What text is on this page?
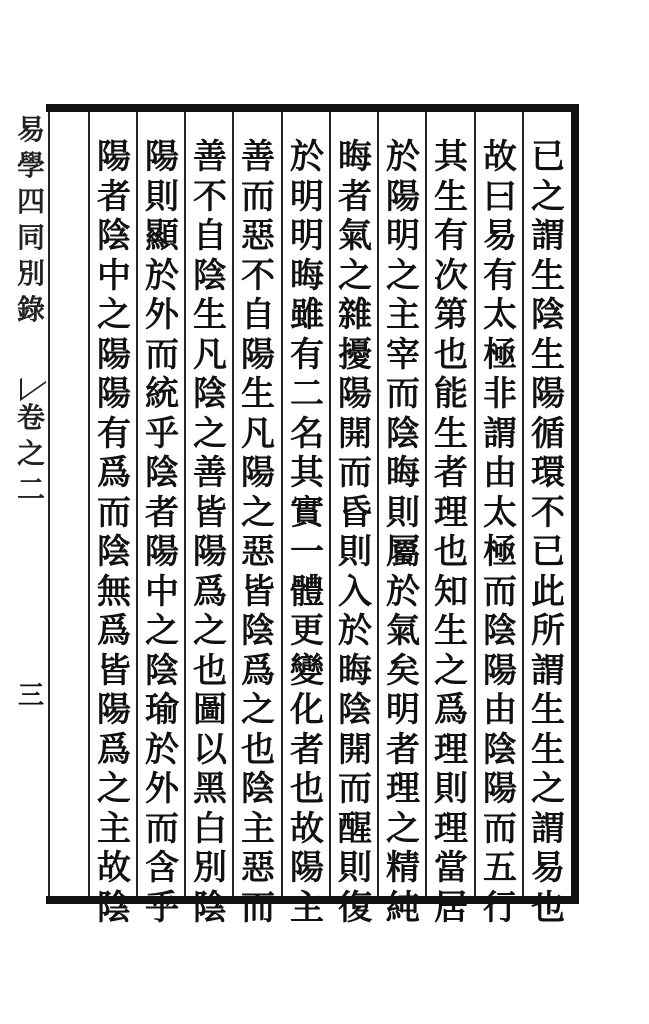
已
之
謂
生
陰
生
陽
循
環
不
已
此
所
謂
生
生
之
謂
易
也
故
曰
易
有
太
極
非
謂
由
太
極
而
陰
陽
由
陰
陽
而
五
行
其
生
有
次
第
也
能
生
者
理
也
知
生
之
爲
理
則
理
當
居
於
陽
明
之
主
宰
而
陰
晦
則
屬
於
氣
矣
明
者
理
之
精
純
晦
者
氣
之
雜
擾
陽
開
而
昏
則
入
於
晦
陰
開
而
醒
則
復
於
明
明
晦
雖
有
二
名
其
實
一
體
更
變
化
者
也
故
陽
主
善
而
惡
不
自
陽
生
凡
陽
之
惡
皆
陰
爲
之
也
陰
主
惡
而
善
不
自
陰
生
凡
陰
之
善
皆
陽
爲
之
也
圖
以
黑
白
別
陰
陽
則
顯
於
外
而
統
乎
陰
者
陽
中
之
陰
瑜
於
外
而
含
乎
陽
者
陰
中
之
陽
陽
有
爲
而
陰
無
爲
皆
陽
爲
之
主
故
陰
易
學
四
同
別
錄
卷
之
二
三
